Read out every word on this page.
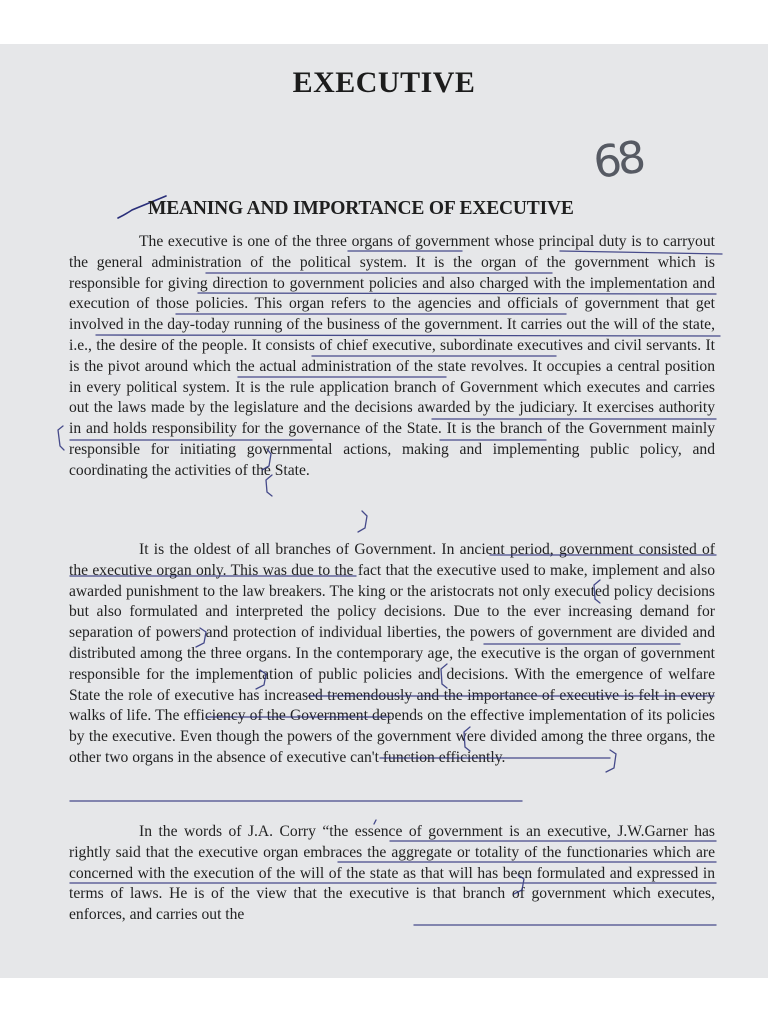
EXECUTIVE
68
MEANING AND IMPORTANCE OF EXECUTIVE

The executive is one of the three organs of government whose principal duty is to carryout the general administration of the political system. It is the organ of the government which is responsible for giving direction to government policies and also charged with the implementation and execution of those policies. This organ refers to the agencies and officials of government that get involved in the day-today running of the business of the government. It carries out the will of the state, i.e., the desire of the people. It consists of chief executive, subordinate executives and civil servants. It is the pivot around which the actual administration of the state revolves. It occupies a central position in every political system. It is the rule application branch of Government which executes and carries out the laws made by the legislature and the decisions awarded by the judiciary. It exercises authority in and holds responsibility for the governance of the State. It is the branch of the Government mainly responsible for initiating governmental actions, making and implementing public policy, and coordinating the activities of the State.

It is the oldest of all branches of Government. In ancient period, government consisted of the executive organ only. This was due to the fact that the executive used to make, implement and also awarded punishment to the law breakers. The king or the aristocrats not only executed policy decisions but also formulated and interpreted the policy decisions. Due to the ever increasing demand for separation of powers and protection of individual liberties, the powers of government are divided and distributed among the three organs. In the contemporary age, the executive is the organ of government responsible for the implementation of public policies and decisions. With the emergence of welfare State the role of executive has increased tremendously and the importance of executive is felt in every walks of life. The efficiency of the Government depends on the effective implementation of its policies by the executive. Even though the powers of the government were divided among the three organs, the other two organs in the absence of executive can't function efficiently.

In the words of J.A. Corry “the essence of government is an executive, J.W.Garner has rightly said that the executive organ embraces the aggregate or totality of the functionaries which are concerned with the execution of the will of the state as that will has been formulated and expressed in terms of laws. He is of the view that the executive is that branch of government which executes, enforces, and carries out the
